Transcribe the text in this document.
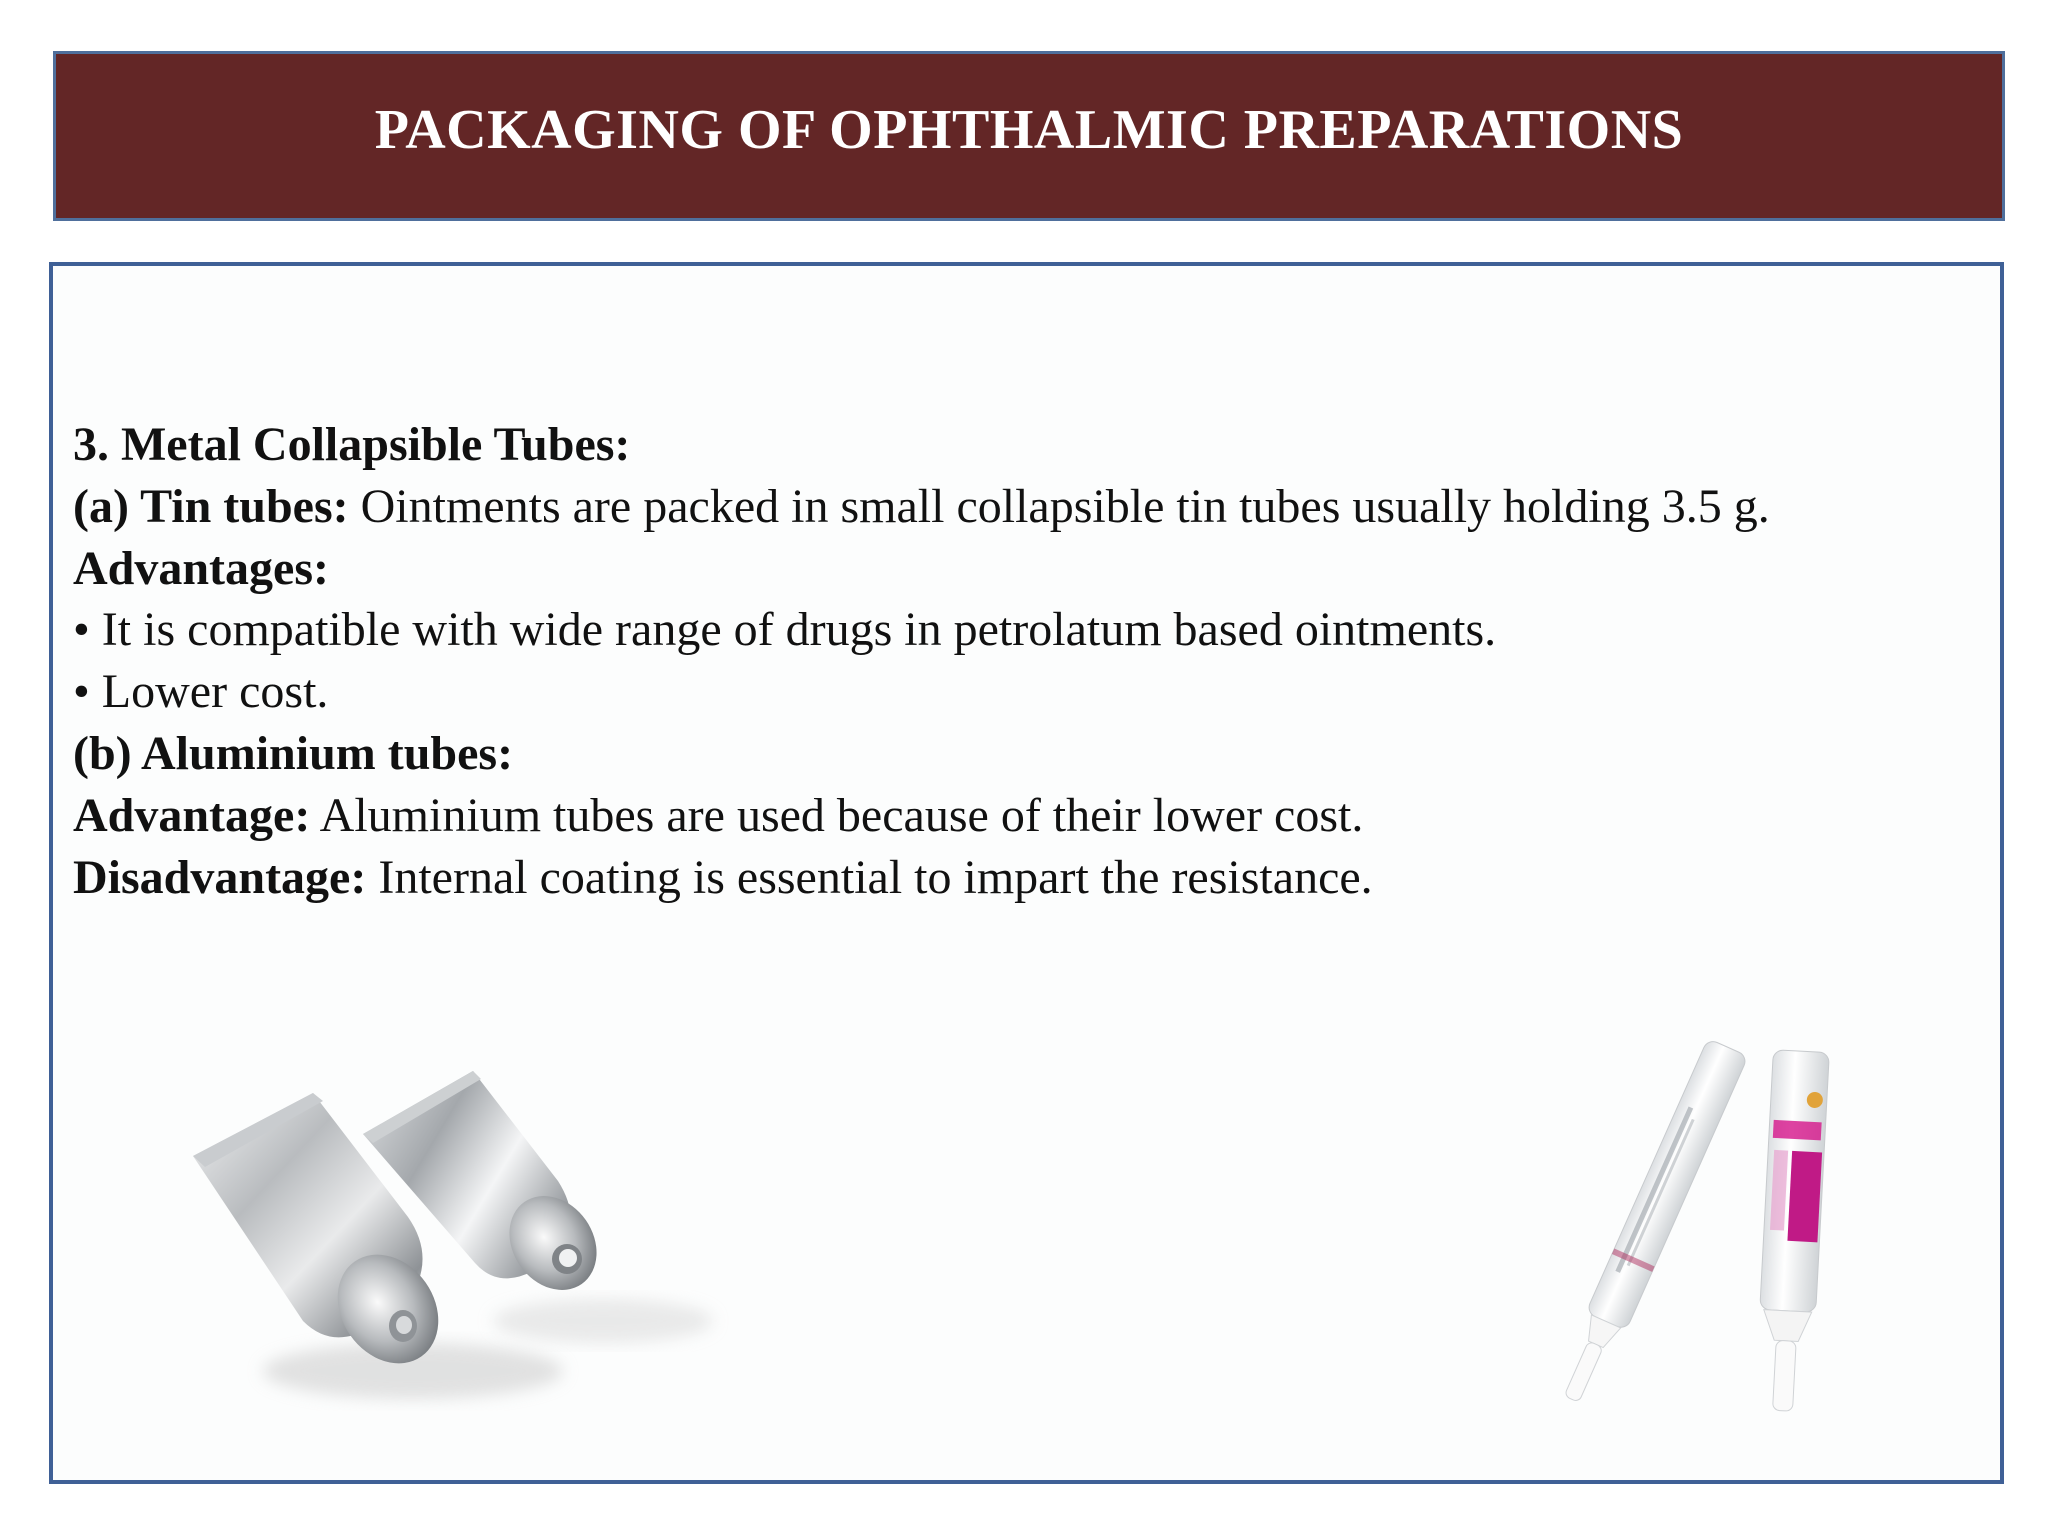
PACKAGING OF OPHTHALMIC PREPARATIONS

3. Metal Collapsible Tubes:

(a) Tin tubes: Ointments are packed in small collapsible tin tubes usually holding 3.5 g.

Advantages:

• It is compatible with wide range of drugs in petrolatum based ointments.

• Lower cost.

(b) Aluminium tubes:

Advantage: Aluminium tubes are used because of their lower cost.

Disadvantage: Internal coating is essential to impart the resistance.
